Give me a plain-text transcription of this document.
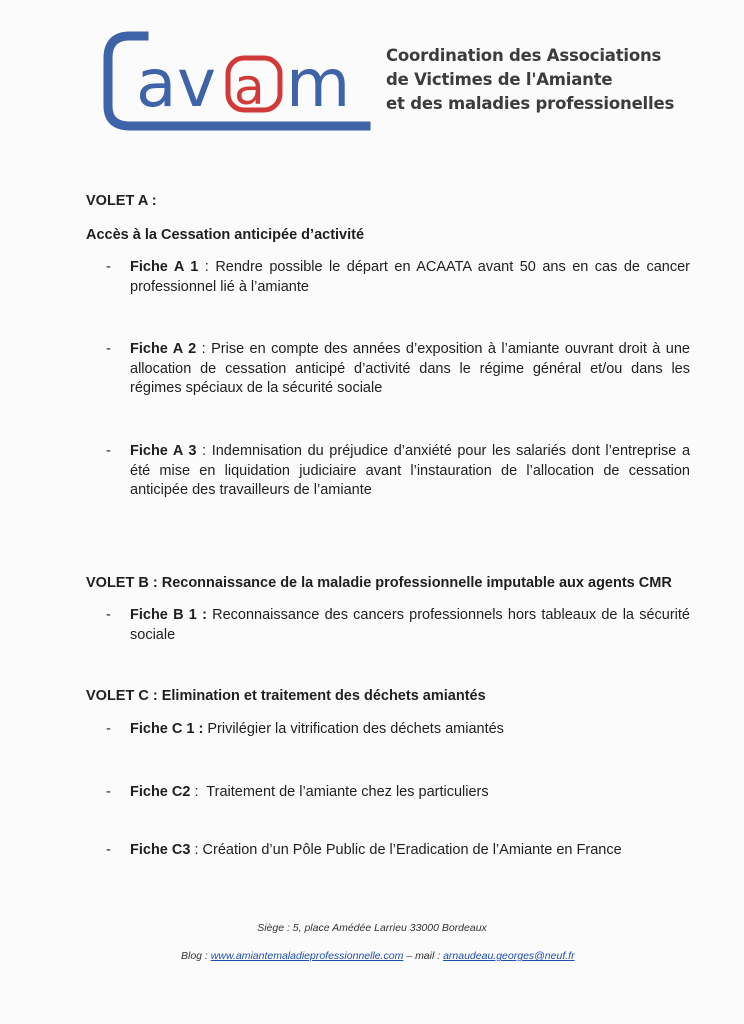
a v a m Coordination des Associations
de Victimes de l'Amiante
et des maladies professionelles
VOLET A :
Accès à la Cessation anticipée d’activité
-	Fiche A 1 : Rendre possible le départ en ACAATA avant 50 ans en cas de cancer professionnel lié à l’amiante
-	Fiche A 2 : Prise en compte des années d’exposition à l’amiante ouvrant droit à une allocation de cessation anticipé d’activité dans le régime général et/ou dans les régimes spéciaux de la sécurité sociale
-	Fiche A 3 : Indemnisation du préjudice d’anxiété pour les salariés dont l’entreprise a été mise en liquidation judiciaire avant l’instauration de l’allocation de cessation anticipée des travailleurs de l’amiante
VOLET B : Reconnaissance de la maladie professionnelle imputable aux agents CMR
-	Fiche B 1 : Reconnaissance des cancers professionnels hors tableaux de la sécurité sociale
VOLET C : Elimination et traitement des déchets amiantés
-	Fiche C 1 : Privilégier la vitrification des déchets amiantés
-	Fiche C2 :  Traitement de l’amiante chez les particuliers
-	Fiche C3 : Création d’un Pôle Public de l’Eradication de l’Amiante en France
Siège : 5, place Amédée Larrieu 33000 Bordeaux
Blog : www.amiantemaladieprofessionnelle.com – mail : arnaudeau.georges@neuf.fr
